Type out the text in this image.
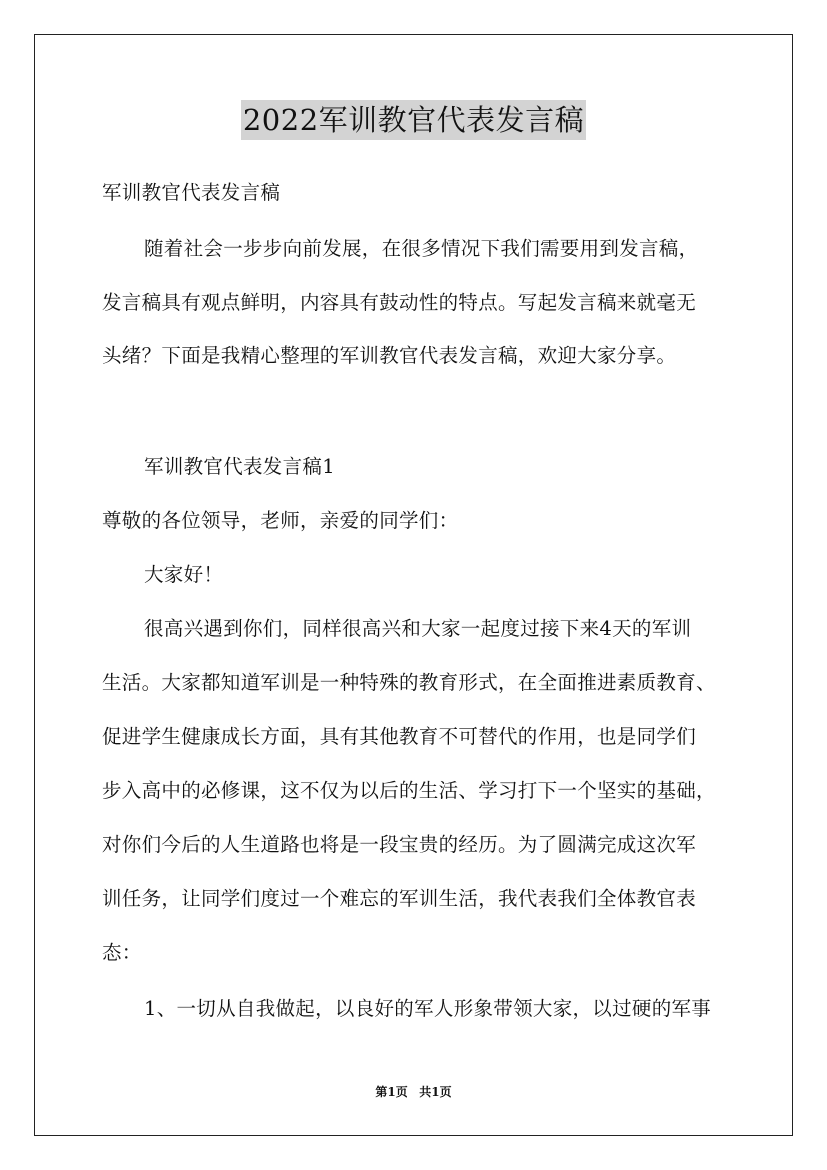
2022军训教官代表发言稿
军训教官代表发言稿
随着社会一步步向前发展，在很多情况下我们需要用到发言稿，
发言稿具有观点鲜明，内容具有鼓动性的特点。写起发言稿来就毫无
头绪？下面是我精心整理的军训教官代表发言稿，欢迎大家分享。
军训教官代表发言稿1
尊敬的各位领导，老师，亲爱的同学们：
大家好！
很高兴遇到你们，同样很高兴和大家一起度过接下来4天的军训
生活。大家都知道军训是一种特殊的教育形式，在全面推进素质教育、
促进学生健康成长方面，具有其他教育不可替代的作用，也是同学们
步入高中的必修课，这不仅为以后的生活、学习打下一个坚实的基础，
对你们今后的人生道路也将是一段宝贵的经历。为了圆满完成这次军
训任务，让同学们度过一个难忘的军训生活，我代表我们全体教官表
态：
1、一切从自我做起，以良好的军人形象带领大家，以过硬的军事
第1页 共1页
